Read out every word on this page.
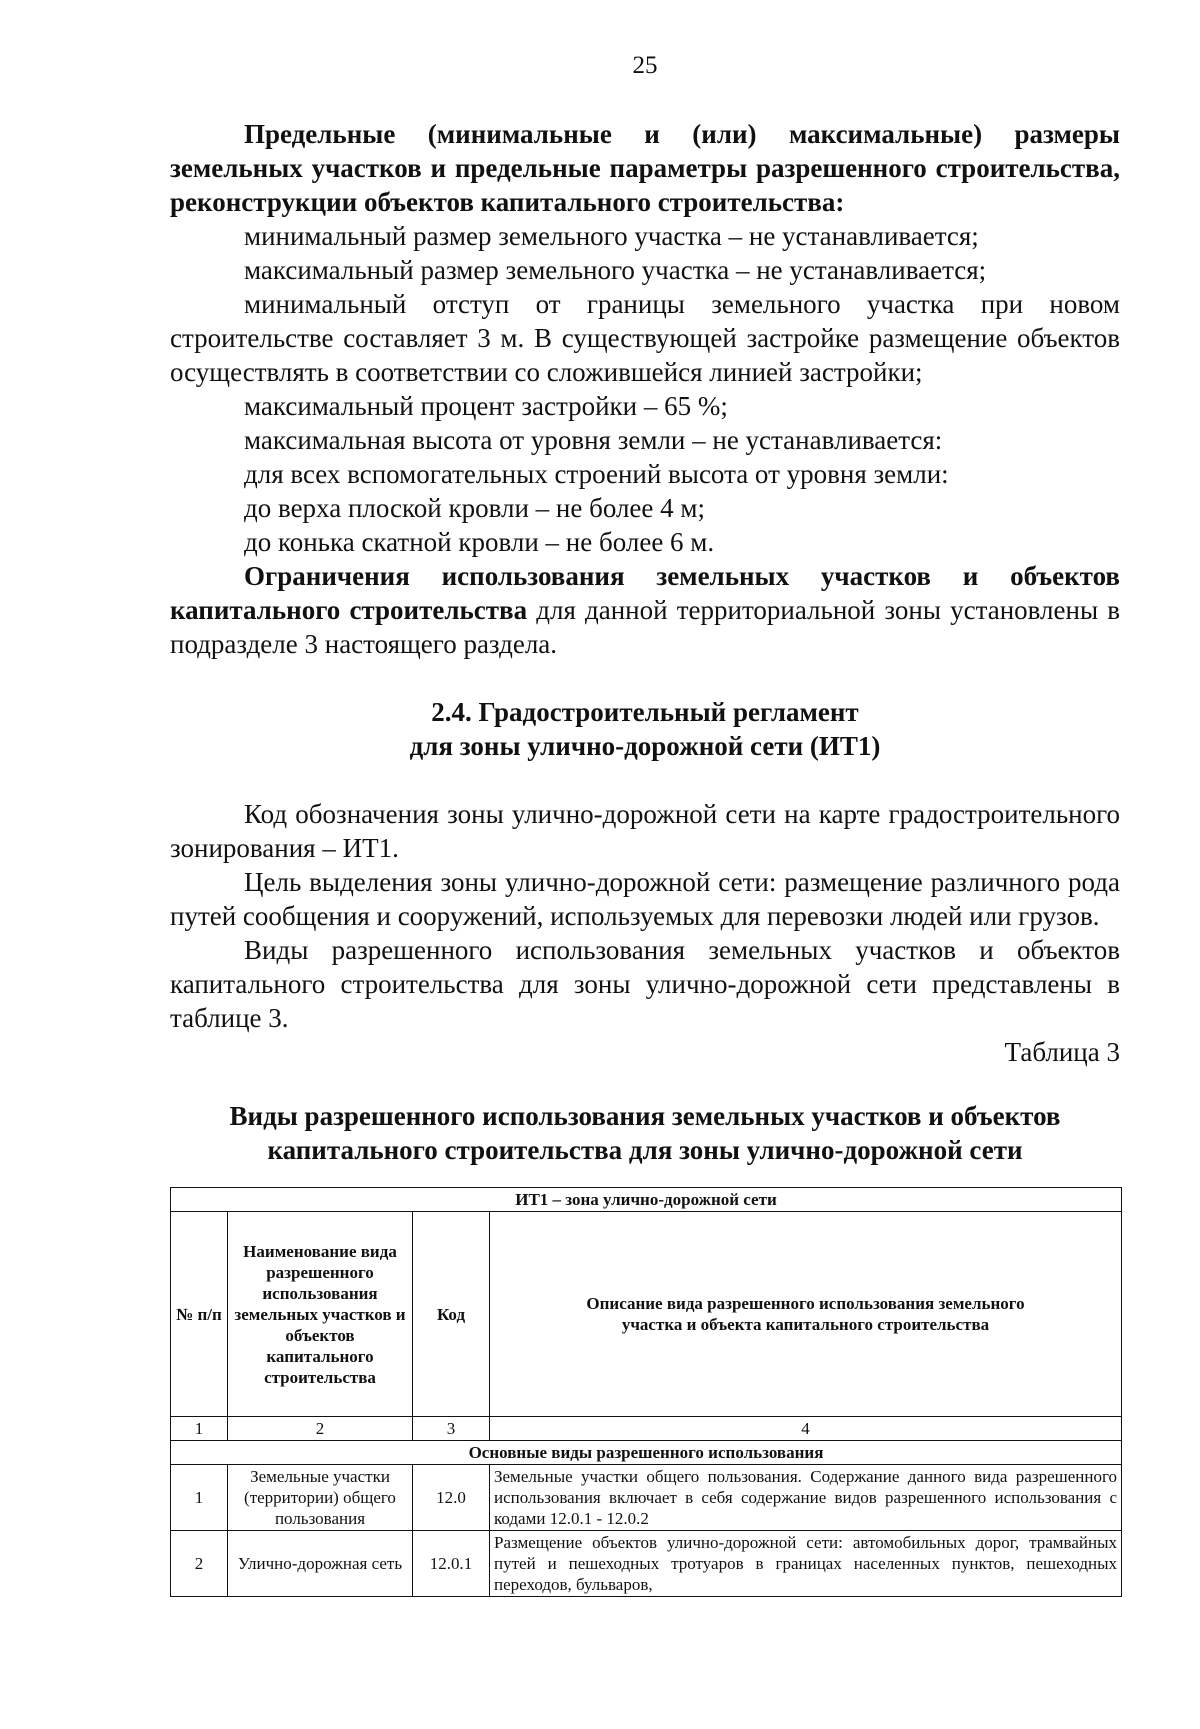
25

Предельные (минимальные и (или) максимальные) размеры земельных участков и предельные параметры разрешенного строительства, реконструкции объектов капитального строительства:

минимальный размер земельного участка – не устанавливается;

максимальный размер земельного участка – не устанавливается;

минимальный отступ от границы земельного участка при новом строительстве составляет 3 м. В существующей застройке размещение объектов осуществлять в соответствии со сложившейся линией застройки;

максимальный процент застройки – 65 %;

максимальная высота от уровня земли – не устанавливается:

для всех вспомогательных строений высота от уровня земли:

до верха плоской кровли – не более 4 м;

до конька скатной кровли – не более 6 м.

Ограничения использования земельных участков и объектов капитального строительства для данной территориальной зоны установлены в подразделе 3 настоящего раздела.

2.4. Градостроительный регламент

для зоны улично-дорожной сети (ИТ1)

Код обозначения зоны улично-дорожной сети на карте градостроительного зонирования – ИТ1.

Цель выделения зоны улично-дорожной сети: размещение различного рода путей сообщения и сооружений, используемых для перевозки людей или грузов.

Виды разрешенного использования земельных участков и объектов капитального строительства для зоны улично-дорожной сети представлены в таблице 3.

Таблица 3

Виды разрешенного использования земельных участков и объектов

капитального строительства для зоны улично-дорожной сети

ИТ1 – зона улично-дорожной сети			
№ п/п	Наименование вида разрешенного использования земельных участков и объектов капитального строительства	Код	Описание вида разрешенного использования земельного участка и объекта капитального строительства
1	2	3	4
Основные виды разрешенного использования			
1	Земельные участки (территории) общего пользования	12.0	Земельные участки общего пользования. Содержание данного вида разрешенного использования включает в себя содержание видов разрешенного использования с кодами 12.0.1 - 12.0.2
2	Улично-дорожная сеть	12.0.1	Размещение объектов улично-дорожной сети: автомобильных дорог, трамвайных путей и пешеходных тротуаров в границах населенных пунктов, пешеходных переходов, бульваров,
